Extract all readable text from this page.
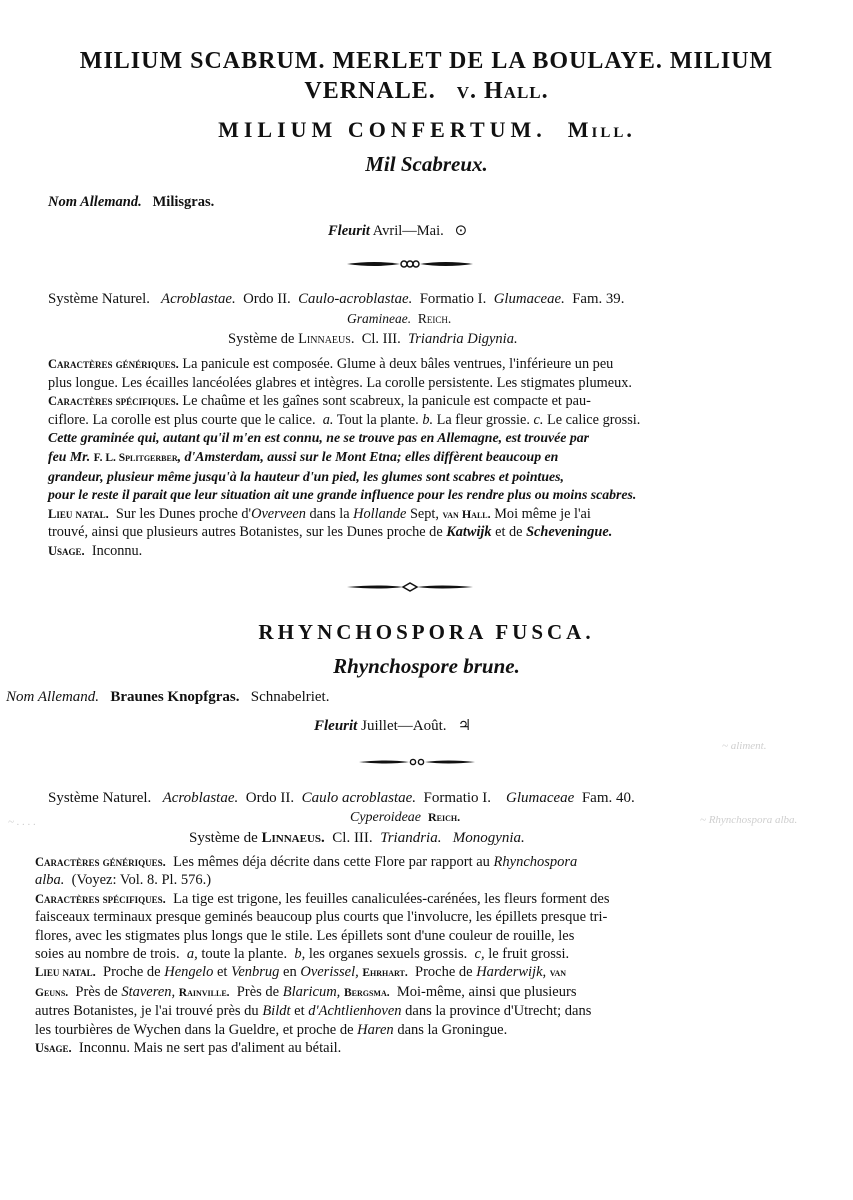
MILIUM SCABRUM. MERLET DE LA BOULAYE. MILIUM
VERNALE. v. Hall.
MILIUM CONFERTUM. Mill.
Mil Scabreux.
Nom Allemand. Milisgras.
Fleurit Avril—Mai. ⊙
Système Naturel. Acroblastae. Ordo II. Caulo-acroblastae. Formatio I. Glumaceae. Fam. 39.
Gramineae. Reich.
Système de Linnaeus. Cl. III. Triandria Digynia.
Caractères génériques. La panicule est composée. Glume à deux bâles ventrues, l'inférieure un peu
plus longue. Les écailles lancéolées glabres et intègres. La corolle persistente. Les stigmates plumeux.
Caractères spécifiques. Le chaûme et les gaînes sont scabreux, la panicule est compacte et pau-
ciflore. La corolle est plus courte que le calice. a. Tout la plante. b. La fleur grossie. c. Le calice grossi.
Cette graminée qui, autant qu'il m'en est connu, ne se trouve pas en Allemagne, est trouvée par
feu Mr. F. L. Splitgerber, d'Amsterdam, aussi sur le Mont Etna; elles diffèrent beaucoup en
grandeur, plusieur même jusqu'à la hauteur d'un pied, les glumes sont scabres et pointues,
pour le reste il parait que leur situation ait une grande influence pour les rendre plus ou moins scabres.
Lieu natal. Sur les Dunes proche d'Overveen dans la Hollande Sept, van Hall. Moi même je l'ai
trouvé, ainsi que plusieurs autres Botanistes, sur les Dunes proche de Katwijk et de Scheveningue.
Usage. Inconnu.
RHYNCHOSPORA FUSCA.
Rhynchospore brune.
Nom Allemand. Braunes Knopfgras. Schnabelriet.
Fleurit Juillet—Août. ♃
Système Naturel. Acroblastae. Ordo II. Caulo acroblastae. Formatio I. Glumaceae Fam. 40.
Cyperoideae Reich.
Système de Linnaeus. Cl. III. Triandria. Monogynia.
Caractères génériques. Les mêmes déja décrite dans cette Flore par rapport au Rhynchospora
alba. (Voyez: Vol. 8. Pl. 576.)
Caractères spécifiques. La tige est trigone, les feuilles canaliculées-carénées, les fleurs forment des
faisceaux terminaux presque geminés beaucoup plus courts que l'involucre, les épillets presque tri-
flores, avec les stigmates plus longs que le stile. Les épillets sont d'une couleur de rouille, les
soies au nombre de trois. a, toute la plante. b, les organes sexuels grossis. c, le fruit grossi.
Lieu natal. Proche de Hengelo et Venbrug en Overissel, Ehrhart. Proche de Harderwijk, van
Geuns. Près de Staveren, Rainville. Près de Blaricum, Bergsma. Moi-même, ainsi que plusieurs
autres Botanistes, je l'ai trouvé près du Bildt et d'Achtlienhoven dans la province d'Utrecht; dans
les tourbières de Wychen dans la Gueldre, et proche de Haren dans la Groningue.
Usage. Inconnu. Mais ne sert pas d'aliment au bétail.
~ aliment.
~ Rhynchospora alba.
~ . . . .
